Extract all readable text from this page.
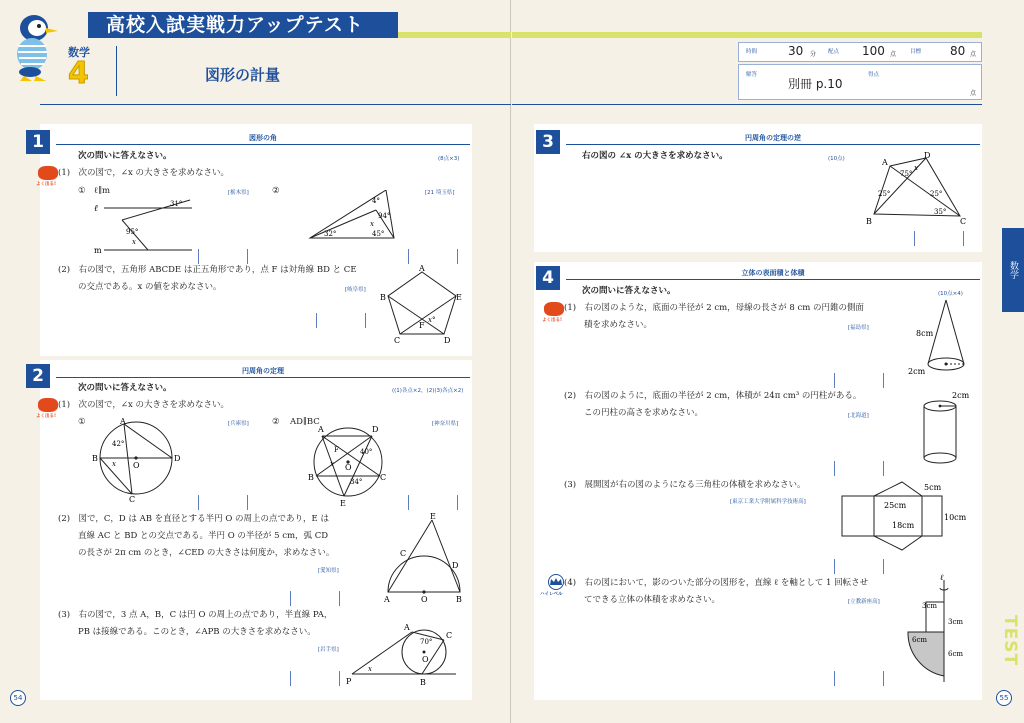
高校入試実戦力アップテスト
数学
4	図形の計量
1	図形の角
次の問いに答えなさい。	(8点×3)
よく出る!
(1)　次の図で，∠x の大きさを求めなさい。
① ℓ∥m	[栃木県]	②	[21 埼玉県]
ℓ
m
31°
95°
x
4°
94°
32°	45°
x
(2)　右の図で，五角形 ABCDE は正五角形であり，点 F は対角線 BD と CE
の交点である。x の値を求めなさい。	[岐阜県]
A
B
C	D
E
F
x°
2	円周角の定理
次の問いに答えなさい。	((1)各点×2，(2)(3)各点×2)
よく出る!
(1)　次の図で，∠x の大きさを求めなさい。
①	[兵庫県]	② AD∥BC	[神奈川県]
A
B
C
D
O
42°
x
A
B	C
D
E
F
O
40°
34°
x
(2)　図で，C，D は AB を直径とする半円 O の周上の点であり，E は
直線 AC と BD との交点である。半円 O の半径が 5 cm，弧 CD
の長さが 2π cm のとき，∠CED の大きさは何度か，求めなさい。
[愛知県]
A	B
C
D
E
O
(3)　右の図で，3 点 A，B，C は円 O の周上の点であり，半直線 PA，
PB は接線である。このとき，∠APB の大きさを求めなさい。
[岩手県]
A
B
C
O
P
70°
x
54
時間	30 分 配点 100 点	目標 80 点
解答
別冊 p.10
得点
点
3	円周角の定理の逆
右の図の ∠x の大きさを求めなさい。	(10点)	A
B	C
D
75°
25°	25°
35°
x
4	立体の表面積と体積
次の問いに答えなさい。	(10点×4)
よく出る!
(1)　右の図のような，底面の半径が 2 cm，母線の長さが 8 cm の円錐の側面
積を求めなさい。	[福島県]
8cm
2cm
(2)　右の図のように，底面の半径が 2 cm，体積が 24π cm³ の円柱がある。
この円柱の高さを求めなさい。	[北海道]
2cm
(3)　展開図が右の図のようになる三角柱の体積を求めなさい。
[東京工業大学附属科学技術高]
5cm
25cm
18cm
10cm
ハイレベル
(4)　右の図において，影のついた部分の図形を，直線 ℓ を軸として 1 回転させ
てできる立体の体積を求めなさい。	[立教新座高]
ℓ
3cm
3cm
6cm
6cm
数学
TEST
55
